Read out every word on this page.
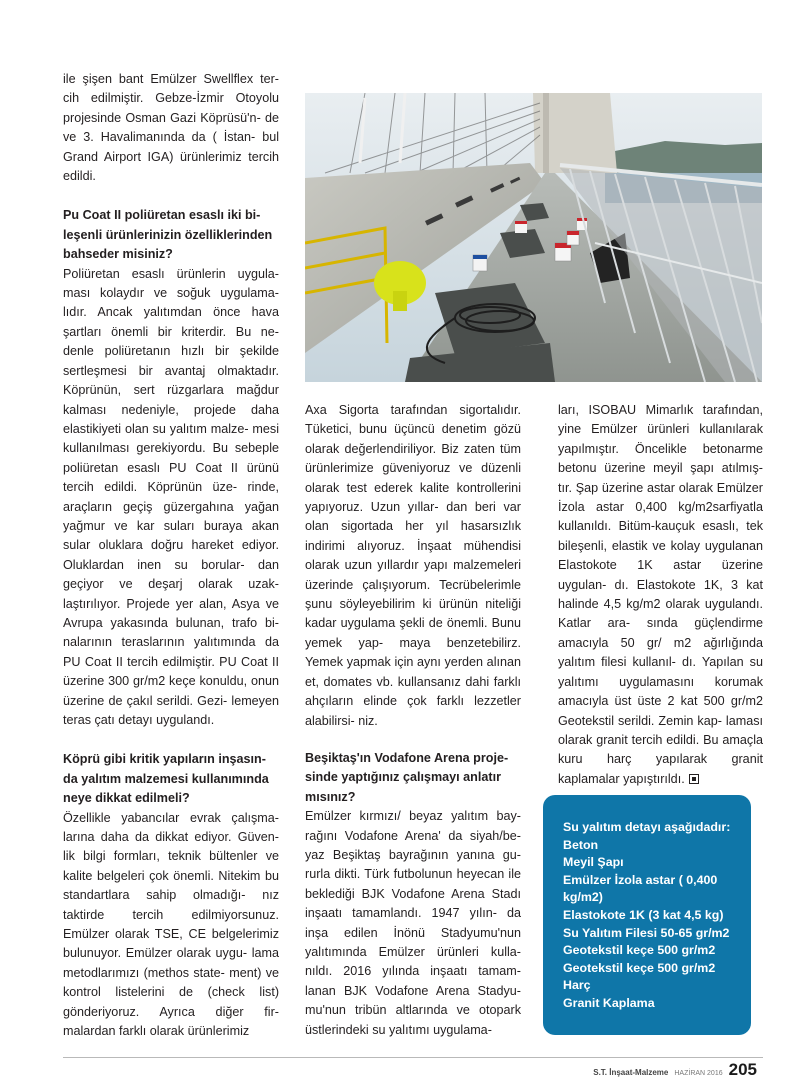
ile şişen bant Emülzer Swellflex ter- cih edilmiştir. Gebze-İzmir Otoyolu projesinde Osman Gazi Köprüsü'n- de ve 3. Havalimanında da ( İstan- bul Grand Airport IGA) ürünlerimiz tercih edildi.

Pu Coat II poliüretan esaslı iki bi- leşenli ürünlerinizin özelliklerinden bahseder misiniz?

Poliüretan esaslı ürünlerin uygula- ması kolaydır ve soğuk uygulama- lıdır. Ancak yalıtımdan önce hava şartları önemli bir kriterdir. Bu ne- denle poliüretanın hızlı bir şekilde sertleşmesi bir avantaj olmaktadır. Köprünün, sert rüzgarlara mağdur kalması nedeniyle, projede daha elastikiyeti olan su yalıtım malze- mesi kullanılması gerekiyordu. Bu sebeple poliüretan esaslı PU Coat II ürünü tercih edildi. Köprünün üze- rinde, araçların geçiş güzergahına yağan yağmur ve kar suları buraya akan sular oluklara doğru hareket ediyor. Oluklardan inen su borular- dan geçiyor ve deşarj olarak uzak- laştırılıyor. Projede yer alan, Asya ve Avrupa yakasında bulunan, trafo bi- nalarının teraslarının yalıtımında da PU Coat II tercih edilmiştir. PU Coat II üzerine 300 gr/m2 keçe konuldu, onun üzerine de çakıl serildi. Gezi- lemeyen teras çatı detayı uygulandı.

Köprü gibi kritik yapıların inşasın- da yalıtım malzemesi kullanımında neye dikkat edilmeli?

Özellikle yabancılar evrak çalışma- larına daha da dikkat ediyor. Güven- lik bilgi formları, teknik bültenler ve kalite belgeleri çok önemli. Nitekim bu standartlara sahip olmadığı- nız taktirde tercih edilmiyorsunuz. Emülzer olarak TSE, CE belgelerimiz bulunuyor. Emülzer olarak uygu- lama metodlarımızı (methos state- ment) ve kontrol listelerini de (check list) gönderiyoruz. Ayrıca diğer fir- malardan farklı olarak ürünlerimiz

Axa Sigorta tarafından sigortalıdır. Tüketici, bunu üçüncü denetim gözü olarak değerlendiriliyor. Biz zaten tüm ürünlerimize güveniyoruz ve düzenli olarak test ederek kalite kontrollerini yapıyoruz. Uzun yıllar- dan beri var olan sigortada her yıl hasarsızlık indirimi alıyoruz. İnşaat mühendisi olarak uzun yıllardır yapı malzemeleri üzerinde çalışıyorum. Tecrübelerimle şunu söyleyebilirim ki ürünün niteliği kadar uygulama şekli de önemli. Bunu yemek yap- maya benzetebilirz. Yemek yapmak için aynı yerden alınan et, domates vb. kullansanız dahi farklı ahçıların elinde çok farklı lezzetler alabilirsi- niz.

Beşiktaş'ın Vodafone Arena proje- sinde yaptığınız çalışmayı anlatır mısınız?

Emülzer kırmızı/ beyaz yalıtım bay- rağını Vodafone Arena' da siyah/be- yaz Beşiktaş bayrağının yanına gu- rurla dikti. Türk futbolunun heyecan ile beklediği BJK Vodafone Arena Stadı inşaatı tamamlandı. 1947 yılın- da inşa edilen İnönü Stadyumu'nun yalıtımında Emülzer ürünleri kulla- nıldı. 2016 yılında inşaatı tamam- lanan BJK Vodafone Arena Stadyu- mu'nun tribün altlarında ve otopark üstlerindeki su yalıtımı uygulama-

ları, ISOBAU Mimarlık tarafından, yine Emülzer ürünleri kullanılarak yapılmıştır. Öncelikle betonarme betonu üzerine meyil şapı atılmış- tır. Şap üzerine astar olarak Emülzer İzola astar 0,400 kg/m2sarfiyatla kullanıldı. Bitüm-kauçuk esaslı, tek bileşenli, elastik ve kolay uygulanan Elastokote 1K astar üzerine uygulan- dı. Elastokote 1K, 3 kat halinde 4,5 kg/m2 olarak uygulandı. Katlar ara- sında güçlendirme amacıyla 50 gr/ m2 ağırlığında yalıtım filesi kullanıl- dı. Yapılan su yalıtımı uygulamasını korumak amacıyla üst üste 2 kat 500 gr/m2 Geotekstil serildi. Zemin kap- laması olarak granit tercih edildi. Bu amaçla kuru harç yapılarak granit kaplamalar yapıştırıldı.

Su yalıtım detayı aşağıdadır:
Beton
Meyil Şapı
Emülzer İzola astar ( 0,400 kg/m2)
Elastokote 1K (3 kat 4,5 kg)
Su Yalıtım Filesi 50-65 gr/m2
Geotekstil keçe 500 gr/m2
Geotekstil keçe 500 gr/m2
Harç
Granit Kaplama
S.T. İnşaat-Malzeme HAZİRAN 2016 205
